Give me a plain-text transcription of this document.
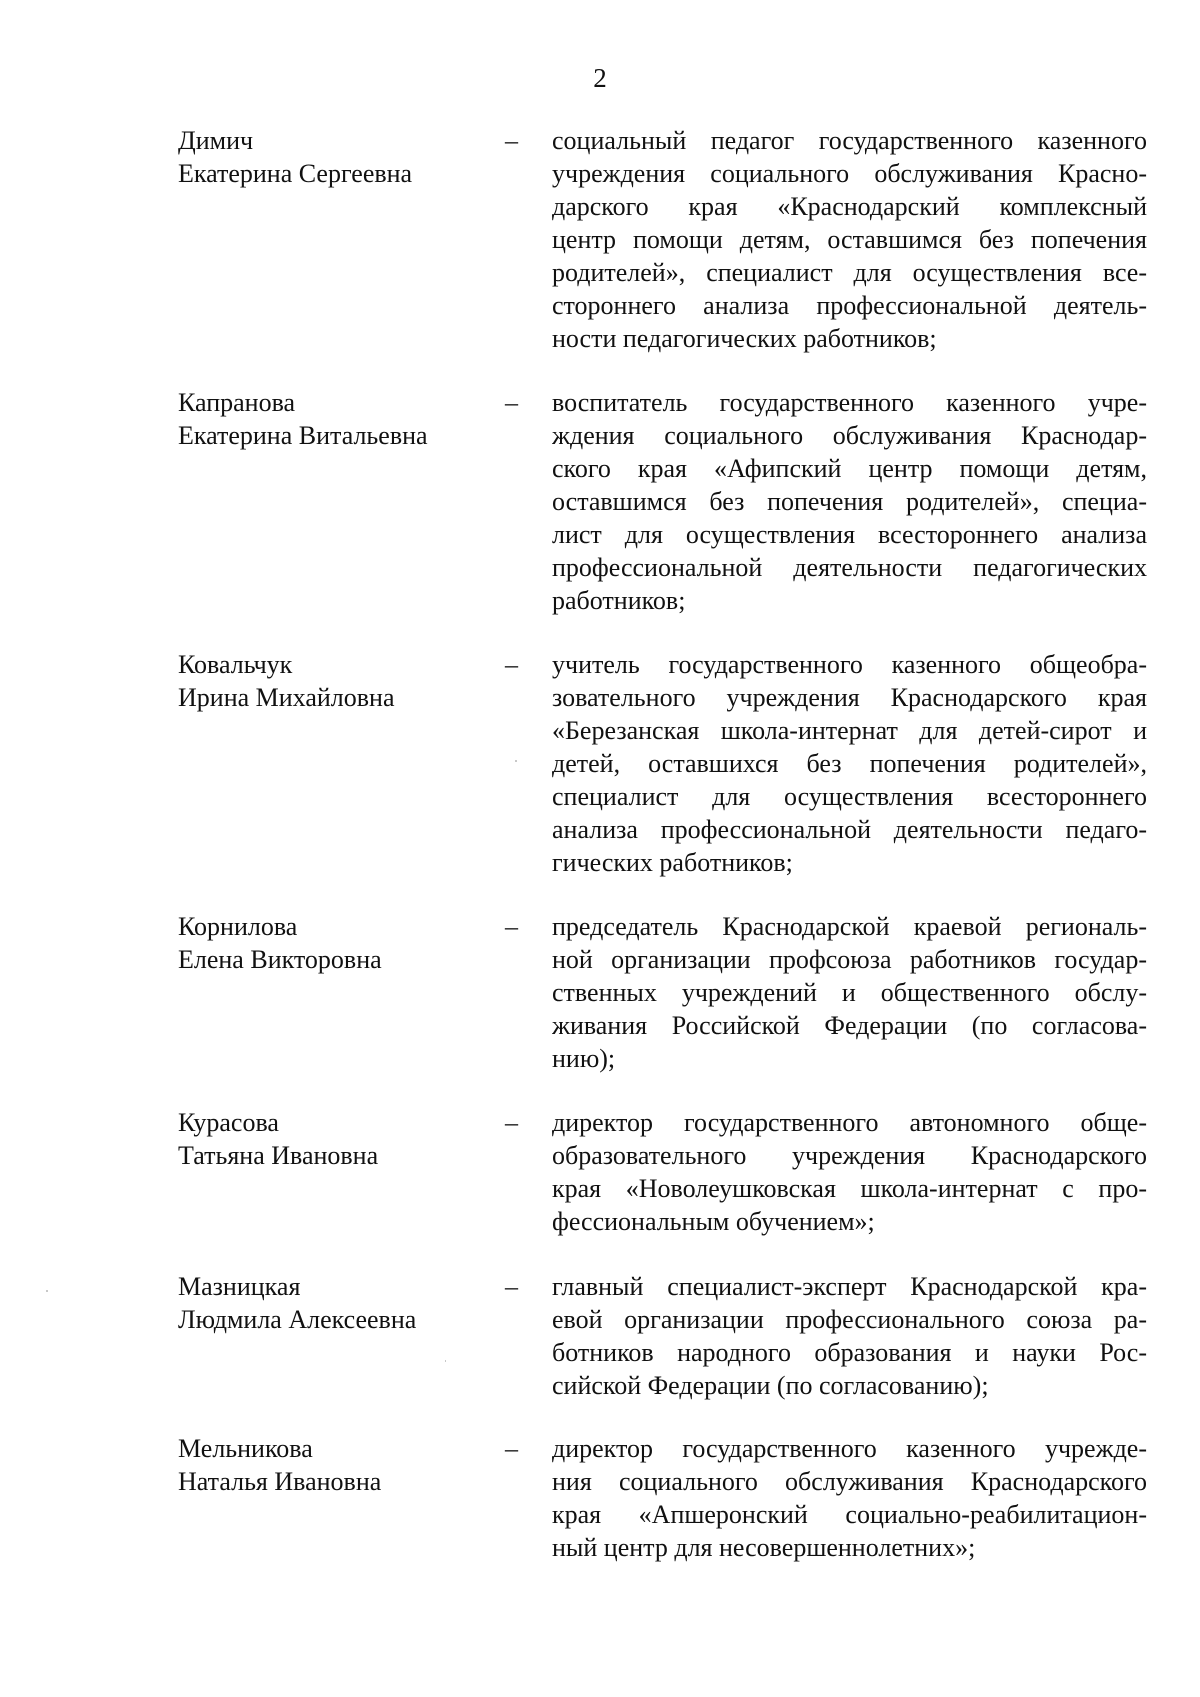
2
Димич
Екатерина Сергеевна
–	социальный педагог государственного казенного
учреждения социального обслуживания Красно-
дарского края «Краснодарский комплексный
центр помощи детям, оставшимся без попечения
родителей», специалист для осуществления все-
стороннего анализа профессиональной деятель-
ности педагогических работников;
Капранова
Екатерина Витальевна
–	воспитатель государственного казенного учре-
ждения социального обслуживания Краснодар-
ского края «Афипский центр помощи детям,
оставшимся без попечения родителей», специа-
лист для осуществления всестороннего анализа
профессиональной деятельности педагогических
работников;
Ковальчук
Ирина Михайловна
–	учитель государственного казенного общеобра-
зовательного учреждения Краснодарского края
«Березанская школа-интернат для детей-сирот и
детей, оставшихся без попечения родителей»,
специалист для осуществления всестороннего
анализа профессиональной деятельности педаго-
гических работников;
Корнилова
Елена Викторовна
–	председатель Краснодарской краевой региональ-
ной организации профсоюза работников государ-
ственных учреждений и общественного обслу-
живания Российской Федерации (по согласова-
нию);
Курасова
Татьяна Ивановна
–	директор государственного автономного обще-
образовательного учреждения Краснодарского
края «Новолеушковская школа-интернат с про-
фессиональным обучением»;
Мазницкая
Людмила Алексеевна
–	главный специалист-эксперт Краснодарской кра-
евой организации профессионального союза ра-
ботников народного образования и науки Рос-
сийской Федерации (по согласованию);
Мельникова
Наталья Ивановна
–	директор государственного казенного учрежде-
ния социального обслуживания Краснодарского
края «Апшеронский социально-реабилитацион-
ный центр для несовершеннолетних»;
